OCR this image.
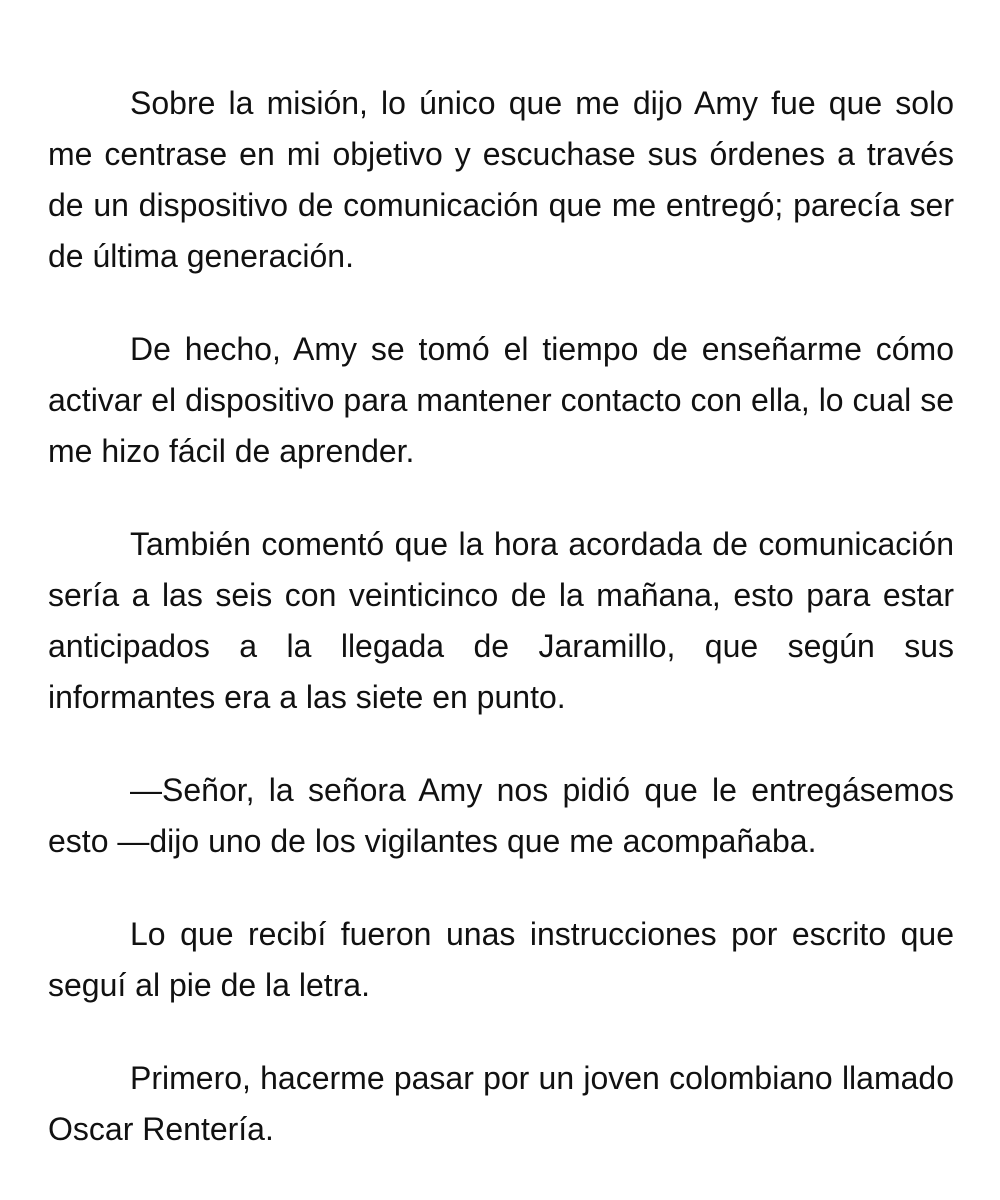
Sobre la misión, lo único que me dijo Amy fue que solo me centrase en mi objetivo y escuchase sus órdenes a través de un dispositivo de comunicación que me entregó; parecía ser de última generación.

De hecho, Amy se tomó el tiempo de enseñarme cómo activar el dispositivo para mantener contacto con ella, lo cual se me hizo fácil de aprender.

También comentó que la hora acordada de comunicación sería a las seis con veinticinco de la mañana, esto para estar anticipados a la llegada de Jaramillo, que según sus informantes era a las siete en punto.

—Señor, la señora Amy nos pidió que le entregásemos esto —dijo uno de los vigilantes que me acompañaba.

Lo que recibí fueron unas instrucciones por escrito que seguí al pie de la letra.

Primero, hacerme pasar por un joven colombiano llamado Oscar Rentería.
